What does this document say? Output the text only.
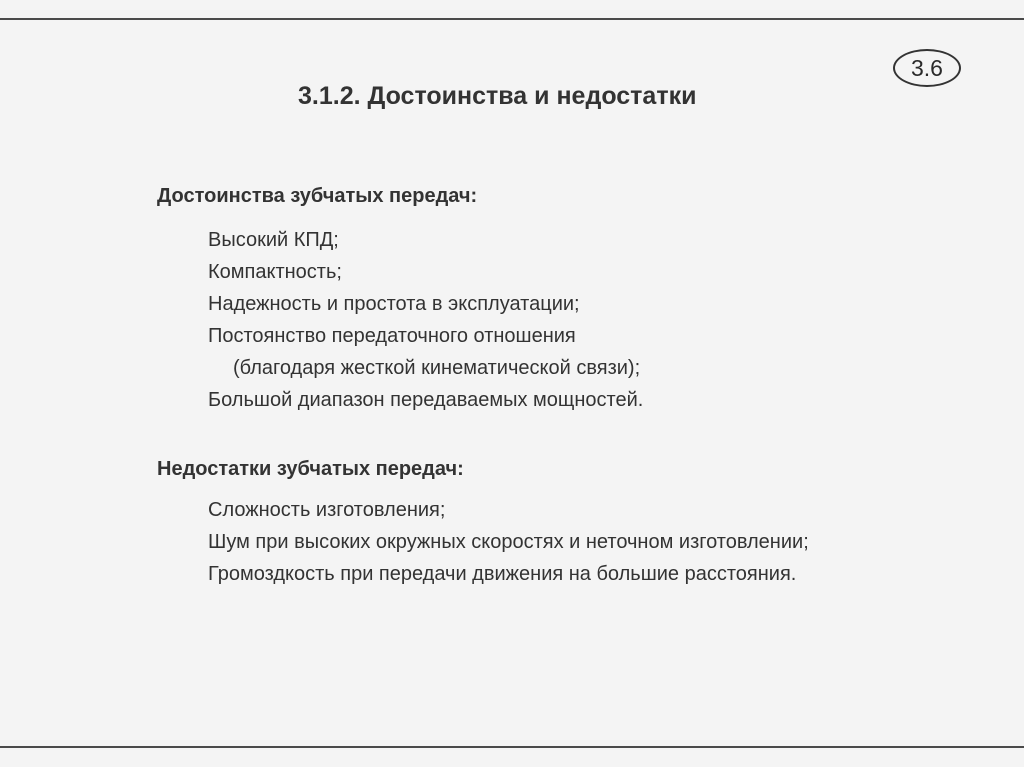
3.6
3.1.2. Достоинства и недостатки
Достоинства зубчатых передач:
Высокий КПД;
Компактность;
Надежность и простота в эксплуатации;
Постоянство передаточного отношения
(благодаря жесткой кинематической связи);
Большой диапазон передаваемых мощностей.
Недостатки зубчатых передач:
Сложность изготовления;
Шум при высоких окружных скоростях и неточном изготовлении;
Громоздкость при передачи движения на большие расстояния.
